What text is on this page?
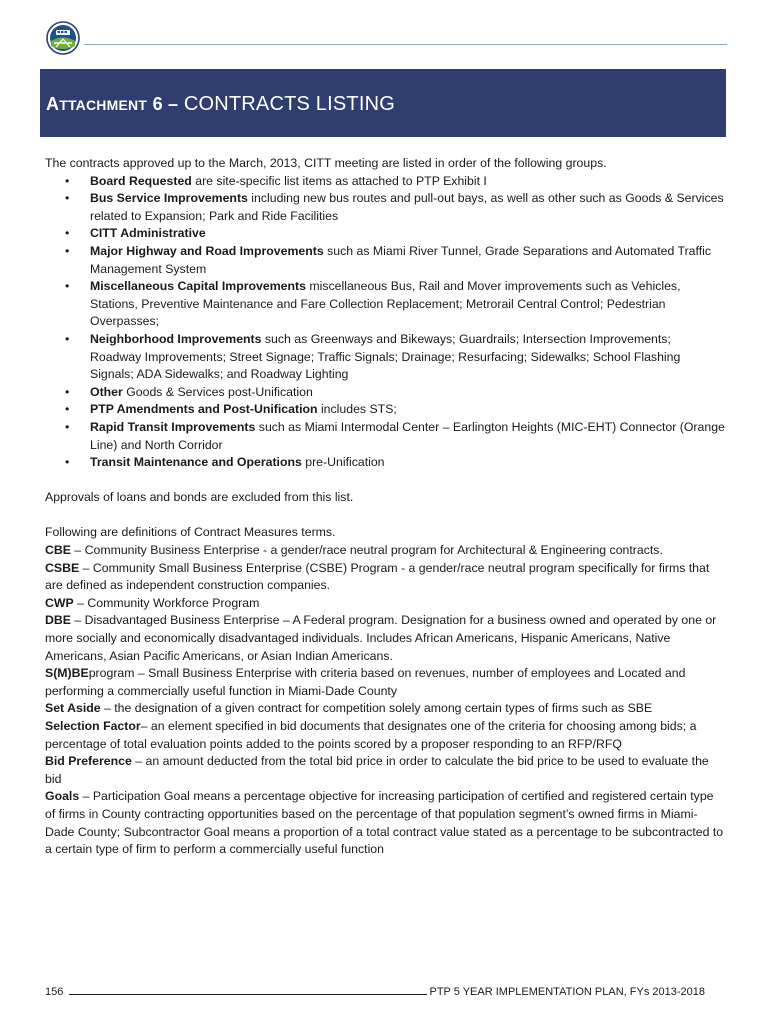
ATTACHMENT 6 – CONTRACTS LISTING

The contracts approved up to the March, 2013, CITT meeting are listed in order of the following groups.

• Board Requested are site-specific list items as attached to PTP Exhibit I
• Bus Service Improvements including new bus routes and pull-out bays, as well as other such as Goods & Services related to Expansion; Park and Ride Facilities
• CITT Administrative
• Major Highway and Road Improvements such as Miami River Tunnel, Grade Separations and Automated Traffic Management System
• Miscellaneous Capital Improvements miscellaneous Bus, Rail and Mover improvements such as Vehicles, Stations, Preventive Maintenance and Fare Collection Replacement; Metrorail Central Control; Pedestrian Overpasses;
• Neighborhood Improvements such as Greenways and Bikeways; Guardrails; Intersection Improvements; Roadway Improvements; Street Signage; Traffic Signals; Drainage; Resurfacing; Sidewalks; School Flashing Signals; ADA Sidewalks; and Roadway Lighting
• Other Goods & Services post-Unification
• PTP Amendments and Post-Unification includes STS;
• Rapid Transit Improvements such as Miami Intermodal Center – Earlington Heights (MIC-EHT) Connector (Orange Line) and North Corridor
• Transit Maintenance and Operations pre-Unification

Approvals of loans and bonds are excluded from this list.

Following are definitions of Contract Measures terms.

CBE – Community Business Enterprise - a gender/race neutral program for Architectural & Engineering contracts.

CSBE – Community Small Business Enterprise (CSBE) Program - a gender/race neutral program specifically for firms that are defined as independent construction companies.

CWP – Community Workforce Program

DBE – Disadvantaged Business Enterprise – A Federal program. Designation for a business owned and operated by one or more socially and economically disadvantaged individuals. Includes African Americans, Hispanic Americans, Native Americans, Asian Pacific Americans, or Asian Indian Americans.

S(M)BEprogram – Small Business Enterprise with criteria based on revenues, number of employees and Located and performing a commercially useful function in Miami-Dade County

Set Aside – the designation of a given contract for competition solely among certain types of firms such as SBE

Selection Factor– an element specified in bid documents that designates one of the criteria for choosing among bids; a percentage of total evaluation points added to the points scored by a proposer responding to an RFP/RFQ

Bid Preference – an amount deducted from the total bid price in order to calculate the bid price to be used to evaluate the bid

Goals – Participation Goal means a percentage objective for increasing participation of certified and registered certain type of firms in County contracting opportunities based on the percentage of that population segment’s owned firms in Miami-Dade County; Subcontractor Goal means a proportion of a total contract value stated as a percentage to be subcontracted to a certain type of firm to perform a commercially useful function

156	PTP 5 YEAR IMPLEMENTATION PLAN, FYs 2013-2018
